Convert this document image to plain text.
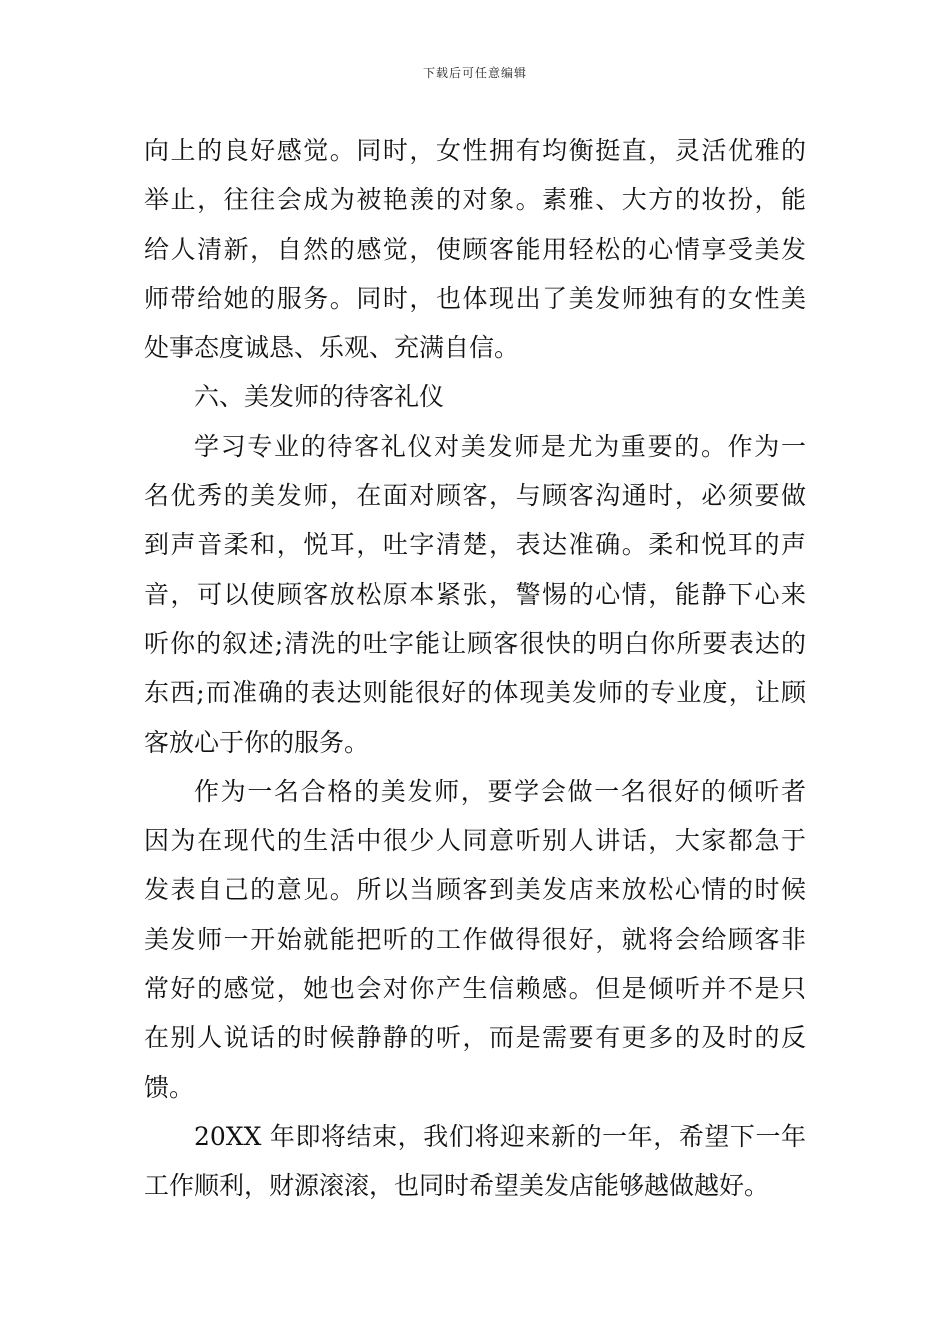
下载后可任意编辑
向上的良好感觉。同时，女性拥有均衡挺直，灵活优雅的
举止，往往会成为被艳羡的对象。素雅、大方的妆扮，能
给人清新，自然的感觉，使顾客能用轻松的心情享受美发
师带给她的服务。同时，也体现出了美发师独有的女性美
处事态度诚恳、乐观、充满自信。
六、美发师的待客礼仪
学习专业的待客礼仪对美发师是尤为重要的。作为一
名优秀的美发师，在面对顾客，与顾客沟通时，必须要做
到声音柔和，悦耳，吐字清楚，表达准确。柔和悦耳的声
音，可以使顾客放松原本紧张，警惕的心情，能静下心来
听你的叙述;清洗的吐字能让顾客很快的明白你所要表达的
东西;而准确的表达则能很好的体现美发师的专业度，让顾
客放心于你的服务。
作为一名合格的美发师，要学会做一名很好的倾听者
因为在现代的生活中很少人同意听别人讲话，大家都急于
发表自己的意见。所以当顾客到美发店来放松心情的时候
美发师一开始就能把听的工作做得很好，就将会给顾客非
常好的感觉，她也会对你产生信赖感。但是倾听并不是只
在别人说话的时候静静的听，而是需要有更多的及时的反
馈。
20XX 年即将结束，我们将迎来新的一年，希望下一年
工作顺利，财源滚滚，也同时希望美发店能够越做越好。
